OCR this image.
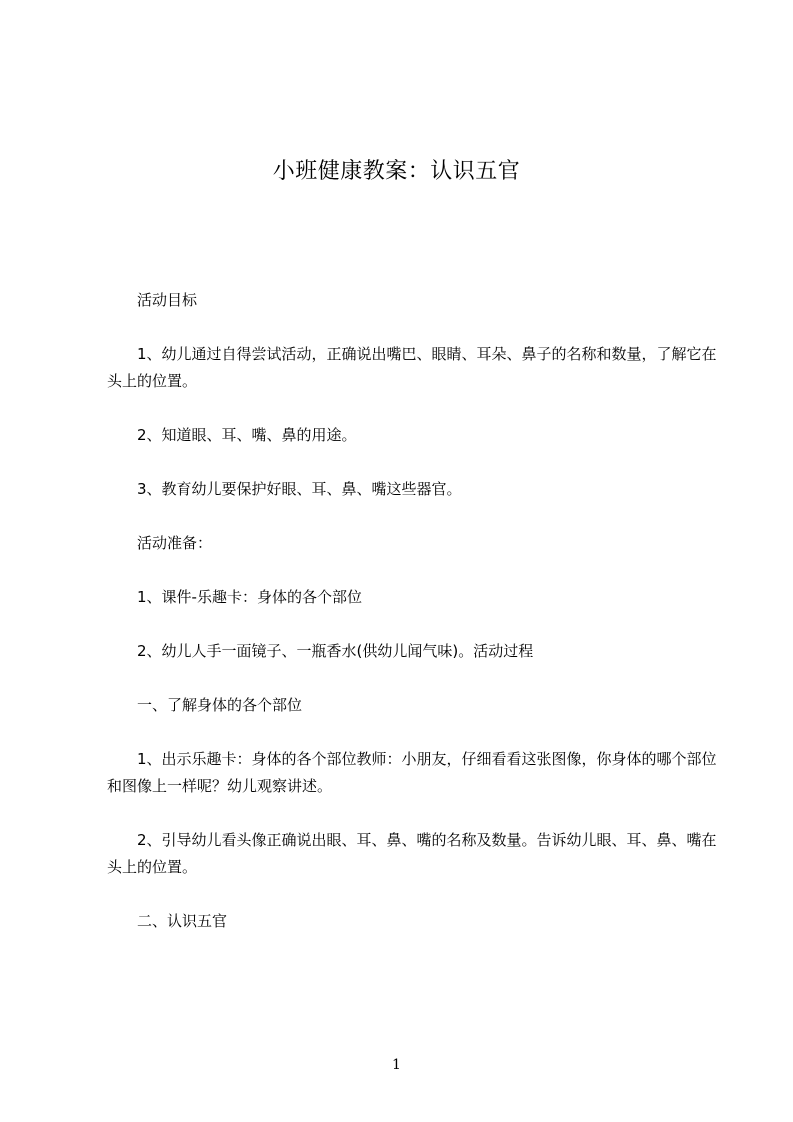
小班健康教案：认识五官

活动目标

1、幼儿通过自得尝试活动，正确说出嘴巴、眼睛、耳朵、鼻子的名称和数量，了解它在头上的位置。

2、知道眼、耳、嘴、鼻的用途。

3、教育幼儿要保护好眼、耳、鼻、嘴这些器官。

活动准备：

1、课件-乐趣卡：身体的各个部位

2、幼儿人手一面镜子、一瓶香水(供幼儿闻气味)。活动过程

一、了解身体的各个部位

1、出示乐趣卡：身体的各个部位教师：小朋友，仔细看看这张图像，你身体的哪个部位和图像上一样呢？幼儿观察讲述。

2、引导幼儿看头像正确说出眼、耳、鼻、嘴的名称及数量。告诉幼儿眼、耳、鼻、嘴在头上的位置。

二、认识五官

1
